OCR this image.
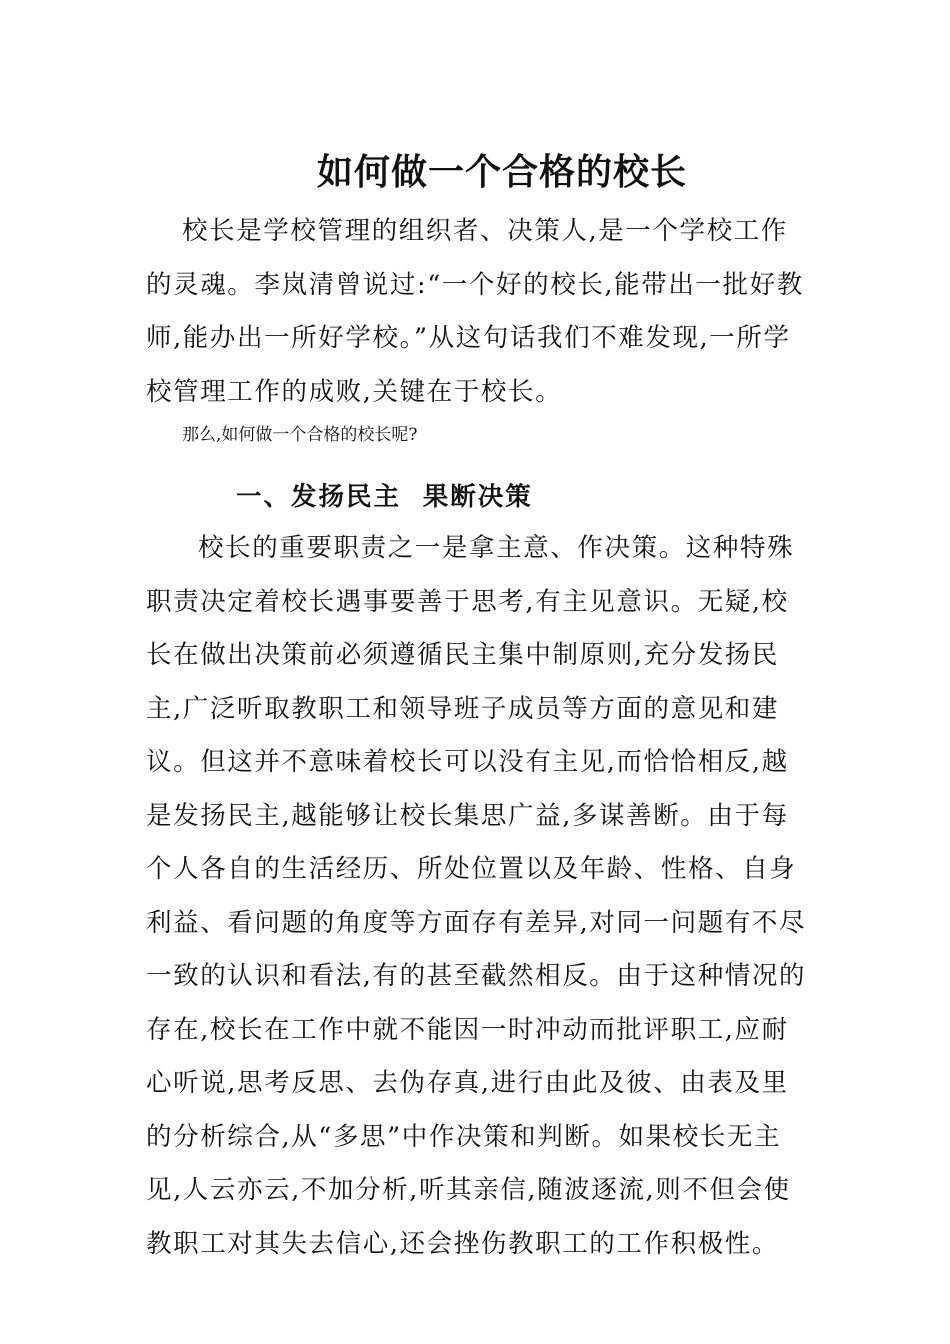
如何做一个合格的校长

校长是学校管理的组织者、决策人,是一个学校工作的灵魂。李岚清曾说过:“一个好的校长,能带出一批好教师,能办出一所好学校。”从这句话我们不难发现,一所学校管理工作的成败,关键在于校长。

那么,如何做一个合格的校长呢?

一、发扬民主  果断决策

校长的重要职责之一是拿主意、作决策。这种特殊职责决定着校长遇事要善于思考,有主见意识。无疑,校长在做出决策前必须遵循民主集中制原则,充分发扬民主,广泛听取教职工和领导班子成员等方面的意见和建议。但这并不意味着校长可以没有主见,而恰恰相反,越是发扬民主,越能够让校长集思广益,多谋善断。由于每个人各自的生活经历、所处位置以及年龄、性格、自身利益、看问题的角度等方面存有差异,对同一问题有不尽一致的认识和看法,有的甚至截然相反。由于这种情况的存在,校长在工作中就不能因一时冲动而批评职工,应耐心听说,思考反思、去伪存真,进行由此及彼、由表及里的分析综合,从“多思”中作决策和判断。如果校长无主见,人云亦云,不加分析,听其亲信,随波逐流,则不但会使教职工对其失去信心,还会挫伤教职工的工作积极性。
